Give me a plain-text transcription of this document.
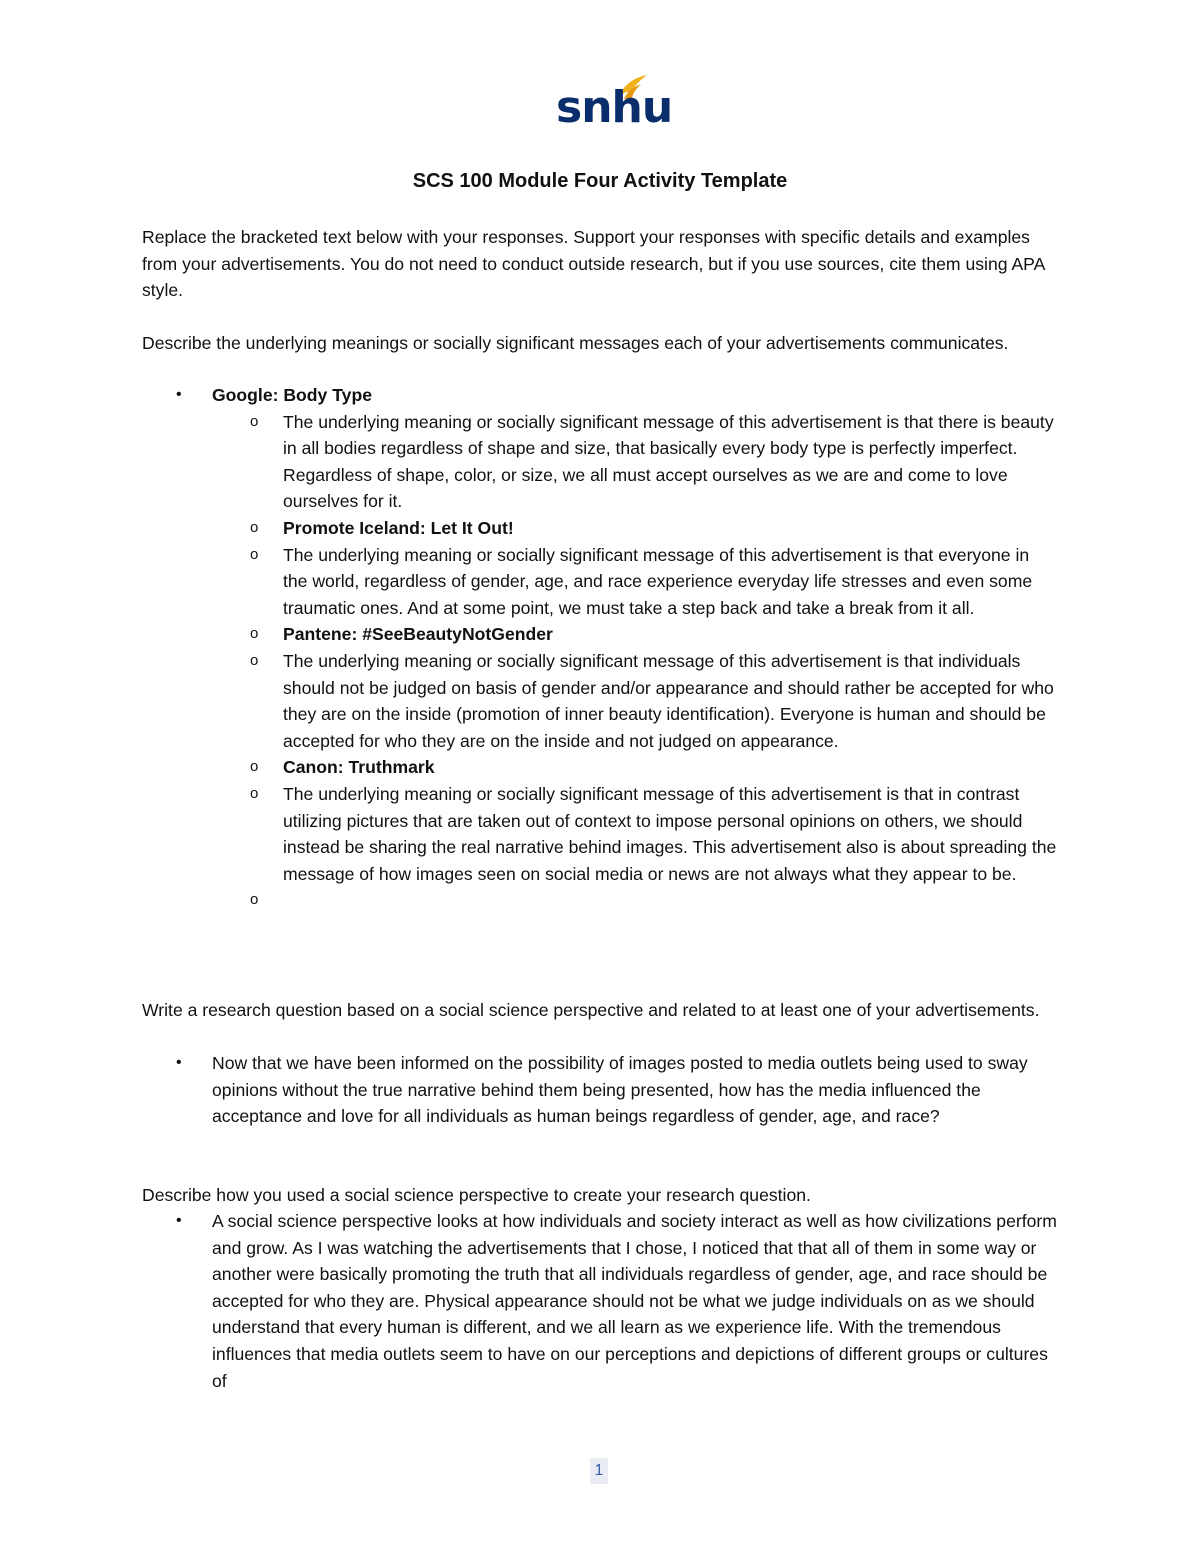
snhu
SCS 100 Module Four Activity Template

Replace the bracketed text below with your responses. Support your responses with specific details and examples from your advertisements. You do not need to conduct outside research, but if you use sources, cite them using APA style.

Describe the underlying meanings or socially significant messages each of your advertisements communicates.

• Google: Body Type
o The underlying meaning or socially significant message of this advertisement is that there is beauty in all bodies regardless of shape and size, that basically every body type is perfectly imperfect. Regardless of shape, color, or size, we all must accept ourselves as we are and come to love ourselves for it.
o Promote Iceland: Let It Out!
o The underlying meaning or socially significant message of this advertisement is that everyone in the world, regardless of gender, age, and race experience everyday life stresses and even some traumatic ones. And at some point, we must take a step back and take a break from it all.
o Pantene: #SeeBeautyNotGender
o The underlying meaning or socially significant message of this advertisement is that individuals should not be judged on basis of gender and/or appearance and should rather be accepted for who they are on the inside (promotion of inner beauty identification). Everyone is human and should be accepted for who they are on the inside and not judged on appearance.
o Canon: Truthmark
o The underlying meaning or socially significant message of this advertisement is that in contrast utilizing pictures that are taken out of context to impose personal opinions on others, we should instead be sharing the real narrative behind images. This advertisement also is about spreading the message of how images seen on social media or news are not always what they appear to be.
o

Write a research question based on a social science perspective and related to at least one of your advertisements.

• Now that we have been informed on the possibility of images posted to media outlets being used to sway opinions without the true narrative behind them being presented, how has the media influenced the acceptance and love for all individuals as human beings regardless of gender, age, and race?

Describe how you used a social science perspective to create your research question.

• A social science perspective looks at how individuals and society interact as well as how civilizations perform and grow. As I was watching the advertisements that I chose, I noticed that that all of them in some way or another were basically promoting the truth that all individuals regardless of gender, age, and race should be accepted for who they are. Physical appearance should not be what we judge individuals on as we should understand that every human is different, and we all learn as we experience life. With the tremendous influences that media outlets seem to have on our perceptions and depictions of different groups or cultures of
1
